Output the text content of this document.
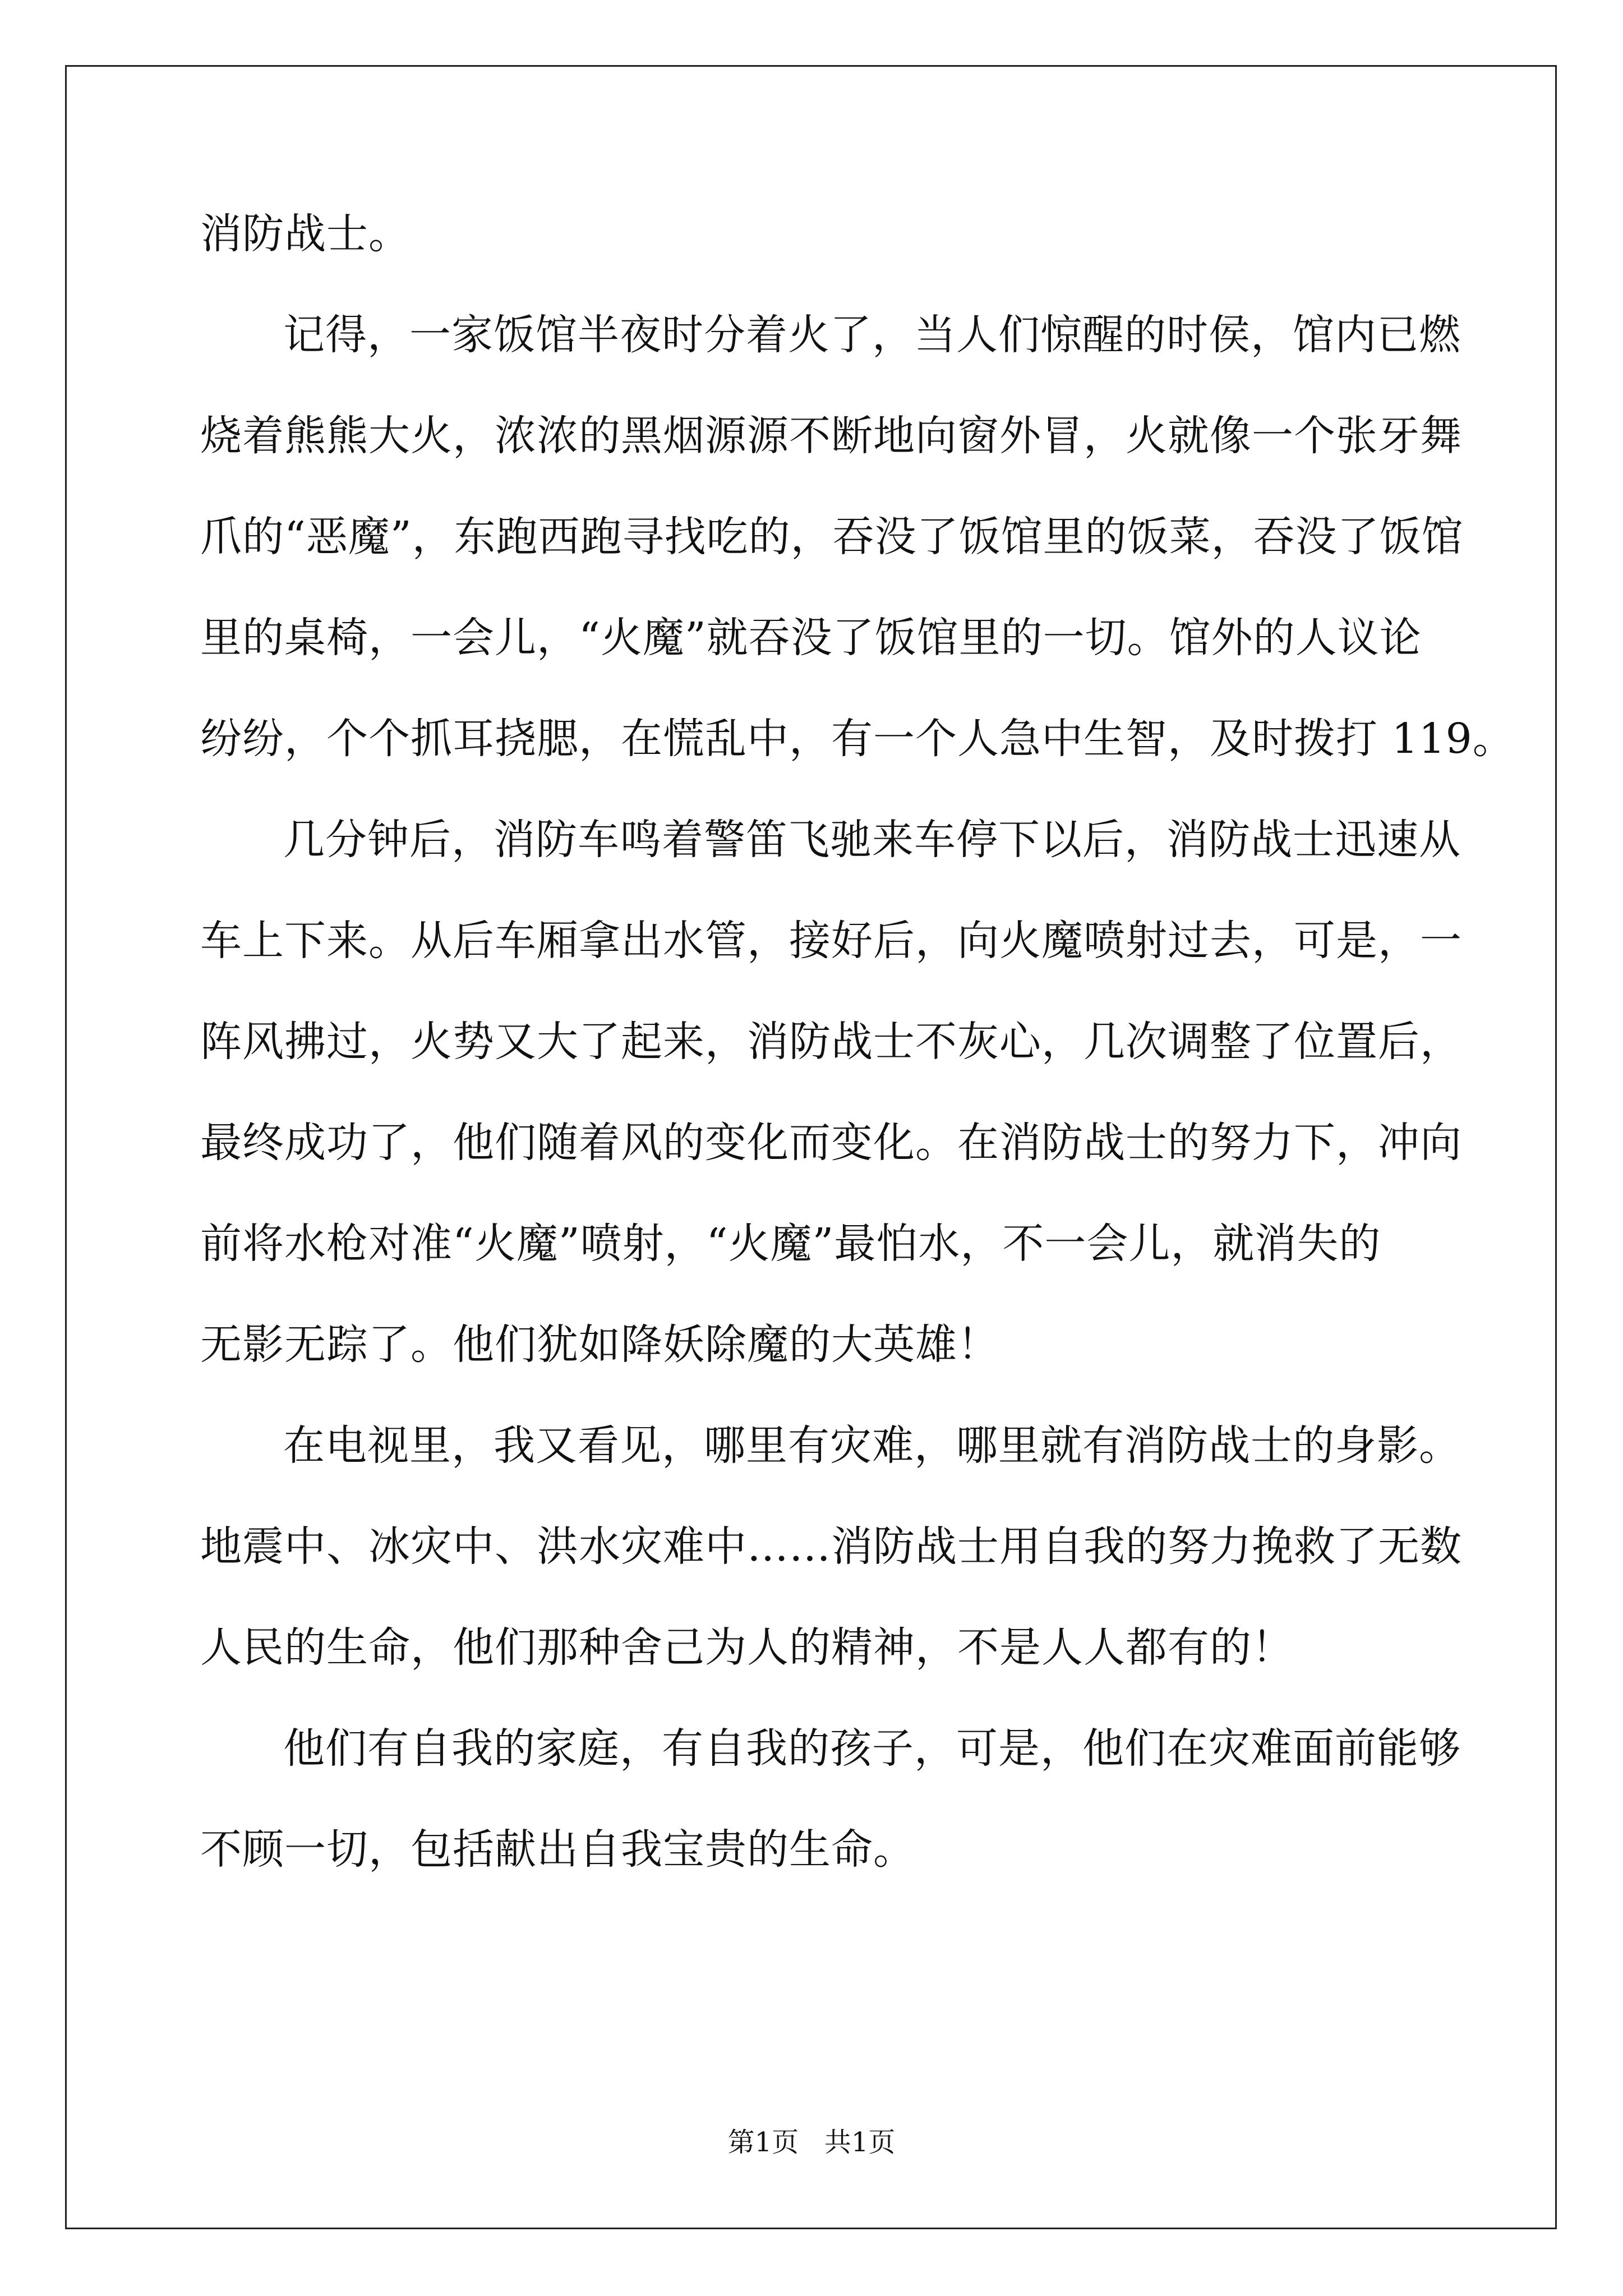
消防战士。
记得，一家饭馆半夜时分着火了，当人们惊醒的时侯，馆内已燃
烧着熊熊大火，浓浓的黑烟源源不断地向窗外冒，火就像一个张牙舞
爪的“恶魔”，东跑西跑寻找吃的，吞没了饭馆里的饭菜，吞没了饭馆
里的桌椅，一会儿，“火魔”就吞没了饭馆里的一切。馆外的人议论
纷纷，个个抓耳挠腮，在慌乱中，有一个人急中生智，及时拨打 119。
几分钟后，消防车鸣着警笛飞驰来车停下以后，消防战士迅速从
车上下来。从后车厢拿出水管，接好后，向火魔喷射过去，可是，一
阵风拂过，火势又大了起来，消防战士不灰心，几次调整了位置后，
最终成功了，他们随着风的变化而变化。在消防战士的努力下，冲向
前将水枪对准“火魔”喷射，“火魔”最怕水，不一会儿，就消失的
无影无踪了。他们犹如降妖除魔的大英雄！
在电视里，我又看见，哪里有灾难，哪里就有消防战士的身影。
地震中、冰灾中、洪水灾难中……消防战士用自我的努力挽救了无数
人民的生命，他们那种舍己为人的精神，不是人人都有的！
他们有自我的家庭，有自我的孩子，可是，他们在灾难面前能够
不顾一切，包括献出自我宝贵的生命。
第1页   共1页
